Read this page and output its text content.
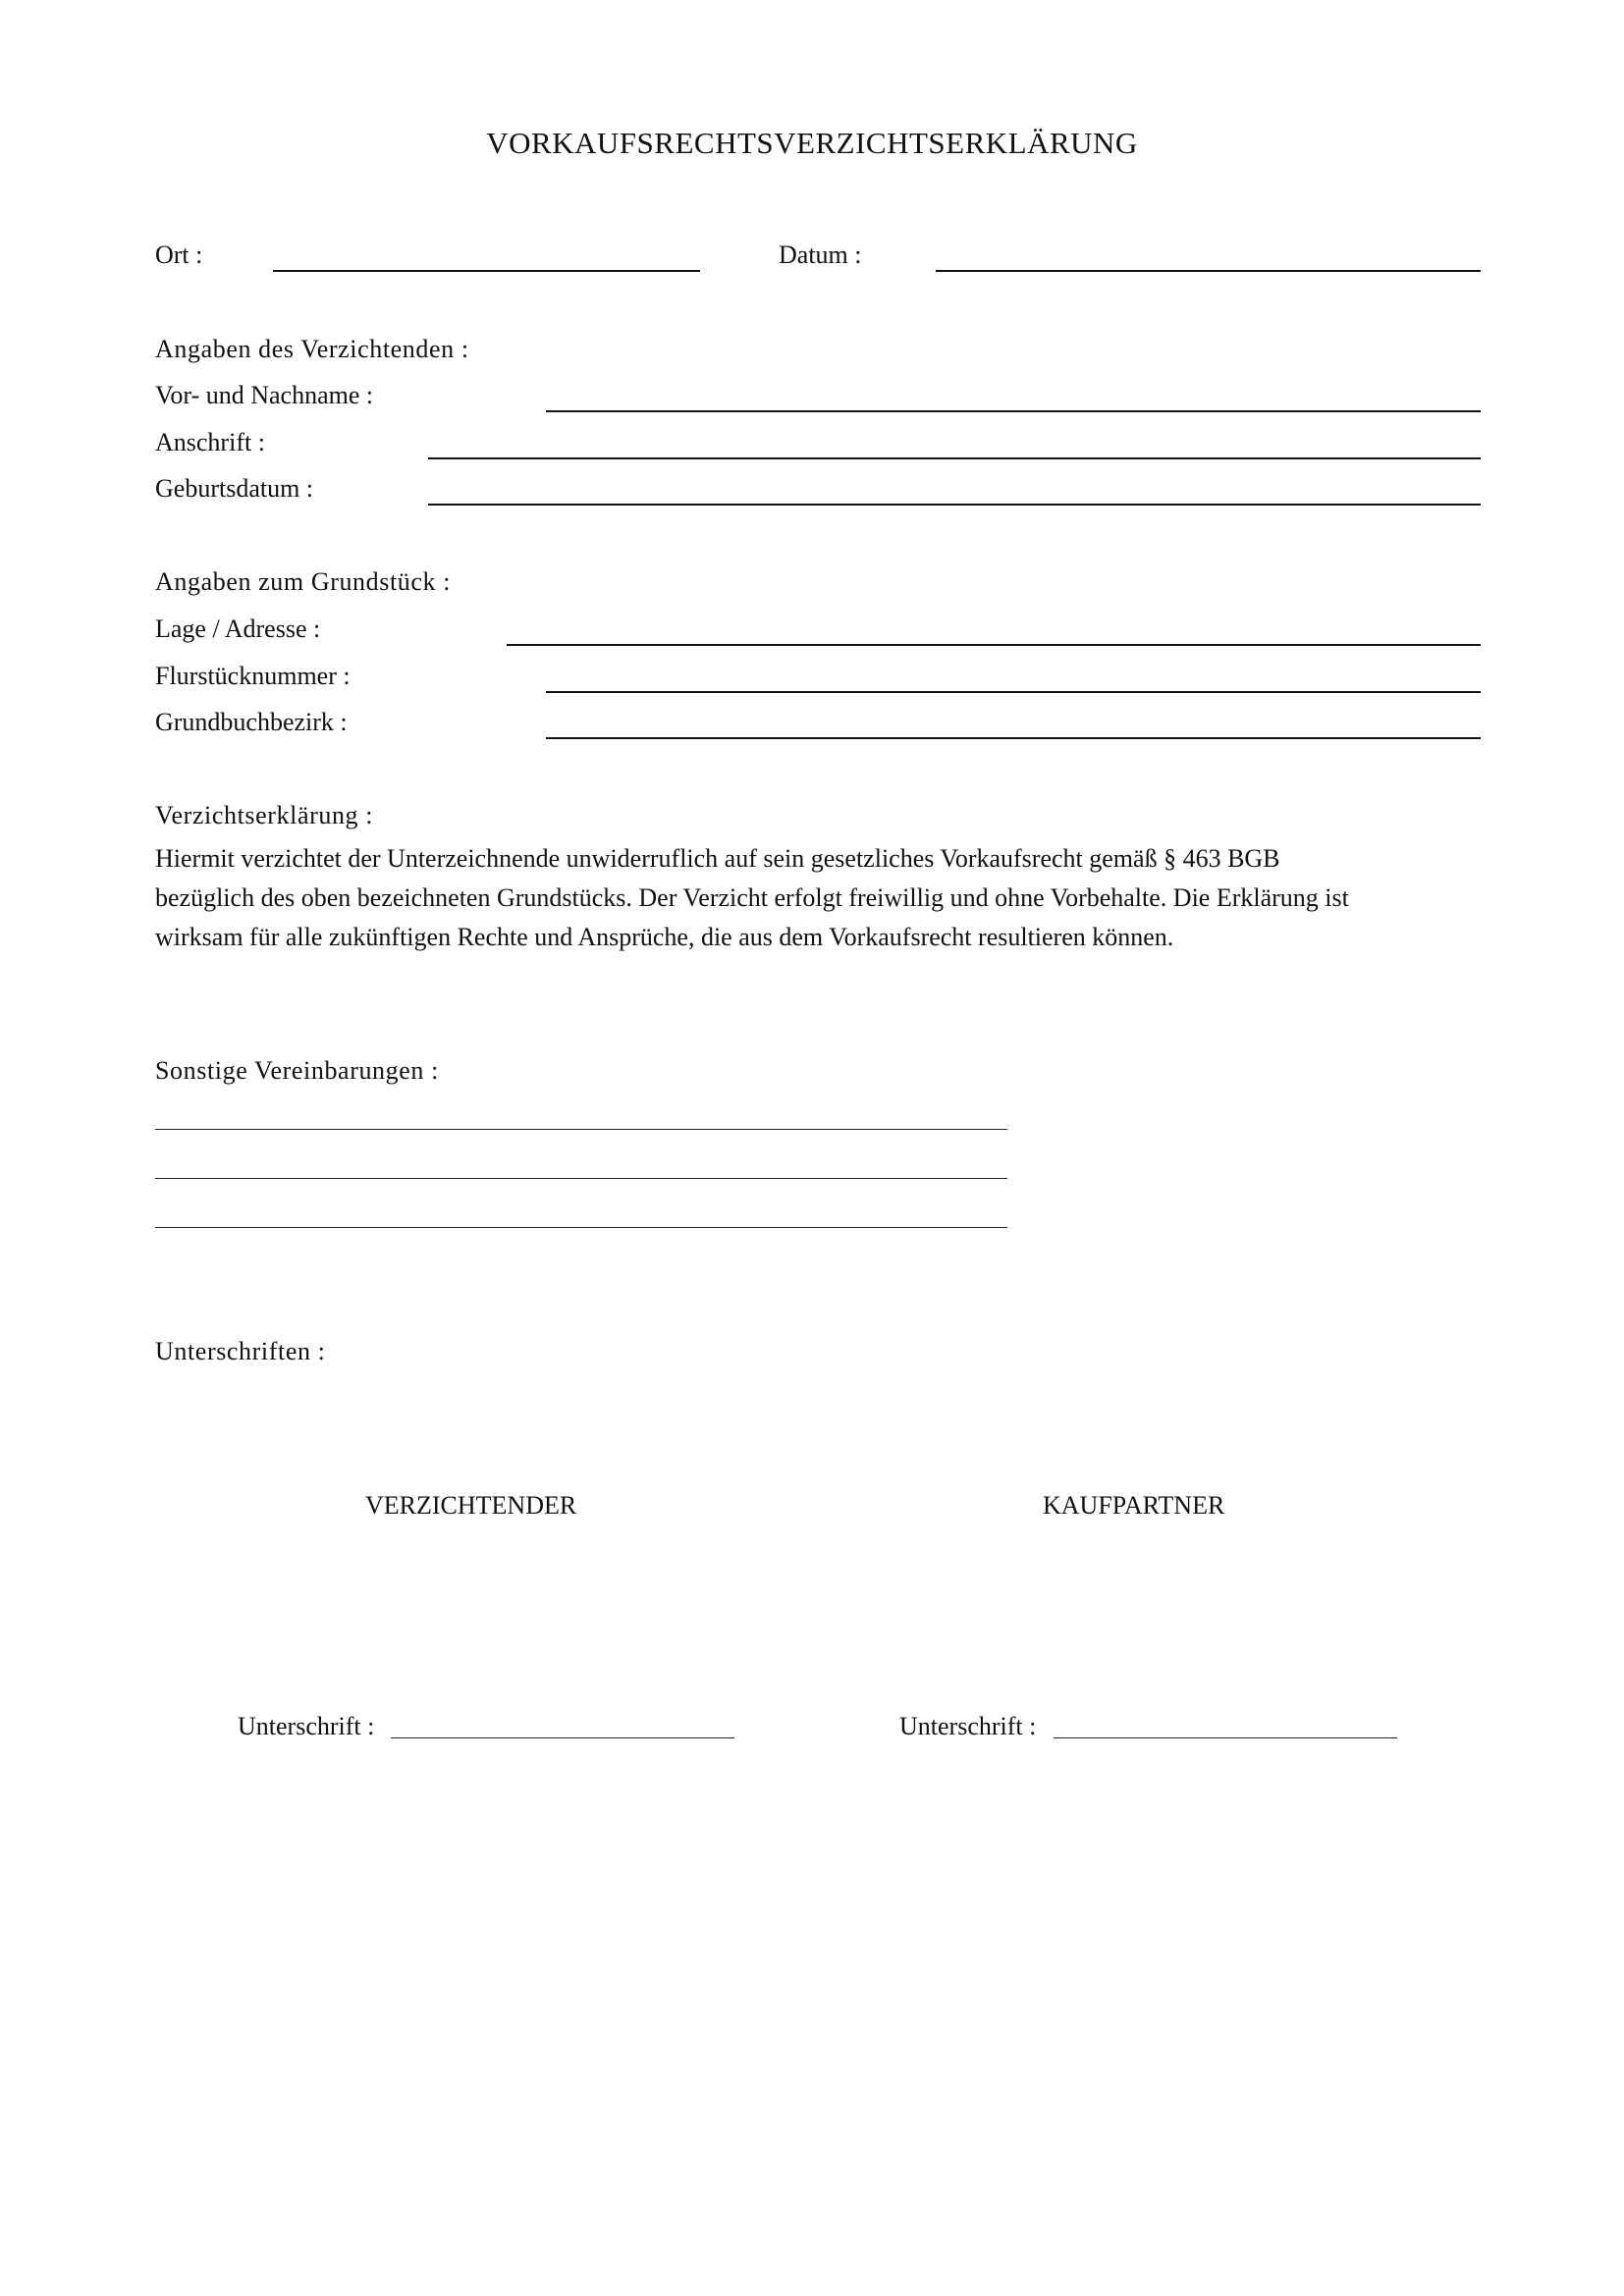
VORKAUFSRECHTSVERZICHTSERKLÄRUNG
Ort :	Datum :
Angaben des Verzichtenden :
Vor- und Nachname :
Anschrift :
Geburtsdatum :
Angaben zum Grundstück :
Lage / Adresse :
Flurstücknummer :
Grundbuchbezirk :
Verzichtserklärung :
Hiermit verzichtet der Unterzeichnende unwiderruflich auf sein gesetzliches Vorkaufsrecht gemäß § 463 BGB
bezüglich des oben bezeichneten Grundstücks. Der Verzicht erfolgt freiwillig und ohne Vorbehalte. Die Erklärung ist
wirksam für alle zukünftigen Rechte und Ansprüche, die aus dem Vorkaufsrecht resultieren können.
Sonstige Vereinbarungen :
Unterschriften :
VERZICHTENDER	KAUFPARTNER
Unterschrift :	Unterschrift :
